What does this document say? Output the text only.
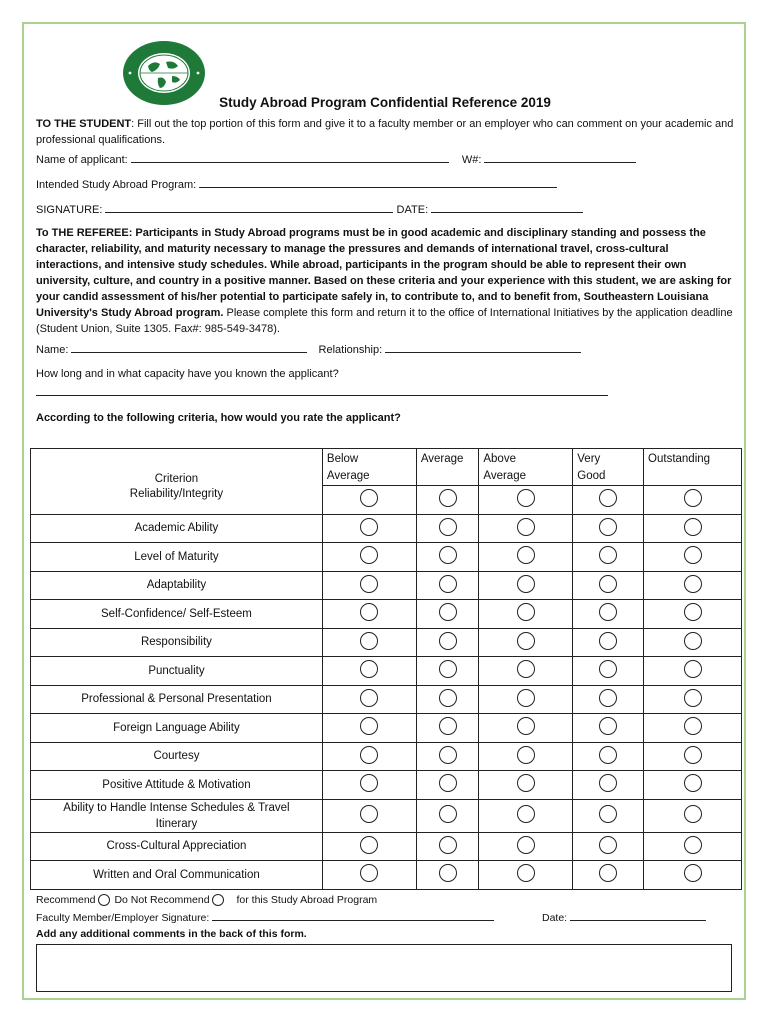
Study Abroad Program Confidential Reference 2019
TO THE STUDENT: Fill out the top portion of this form and give it to a faculty member or an employer who can comment on your academic and professional qualifications.
Name of applicant:	W#:
Intended Study Abroad Program:
SIGNATURE:	DATE:
To THE REFEREE: Participants in Study Abroad programs must be in good academic and disciplinary standing and possess the character, reliability, and maturity necessary to manage the pressures and demands of international travel, cross-cultural interactions, and intensive study schedules. While abroad, participants in the program should be able to represent their own university, culture, and country in a positive manner. Based on these criteria and your experience with this student, we are asking for your candid assessment of his/her potential to participate safely in, to contribute to, and to benefit from, Southeastern Louisiana University's Study Abroad program. Please complete this form and return it to the office of International Initiatives by the application deadline (Student Union, Suite 1305. Fax#: 985-549-3478).
Name:	Relationship:
How long and in what capacity have you known the applicant?
According to the following criteria, how would you rate the applicant?
Criterion	Below Average	Average	Above Average	Very Good	Outstanding

Reliability/Integrity					
Academic Ability					
Level of Maturity					
Adaptability					
Self-Confidence/ Self-Esteem					
Responsibility					
Punctuality					
Professional & Personal Presentation					
Foreign Language Ability					
Courtesy					
Positive Attitude & Motivation					
Ability to Handle Intense Schedules & Travel Itinerary					
Cross-Cultural Appreciation					
Written and Oral Communication					
Recommend Do Not Recommend	for this Study Abroad Program
Faculty Member/Employer Signature:	Date:
Add any additional comments in the back of this form.
